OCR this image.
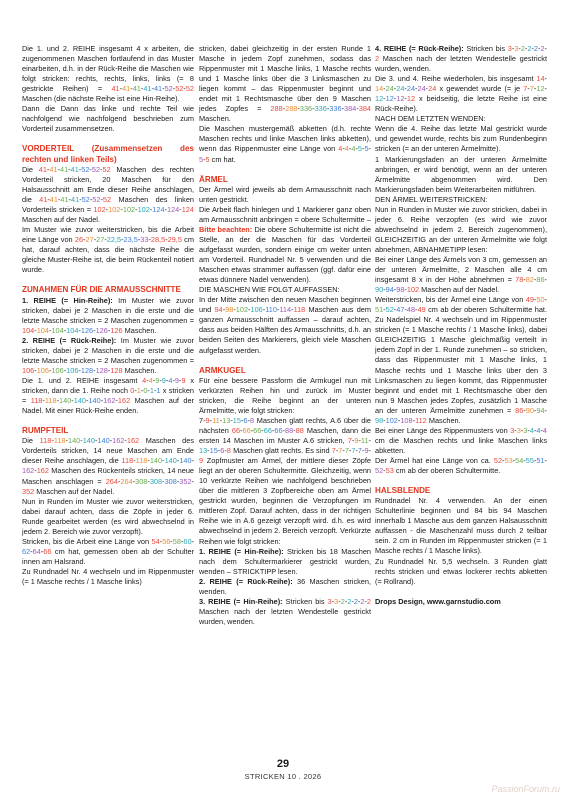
Die 1. und 2. REIHE insgesamt 4 x arbeiten, die zugenommenen Maschen fortlaufend in das Muster einarbeiten, d.h. in der Rück-Reihe die Maschen wie folgt stricken: rechts, rechts, links, links (= 8 gestrickte Reihen) = 41-41-41-41-41-52-52-52 Maschen (die nächste Reihe ist eine Hin-Reihe).

Dann die Dann das linke und rechte Teil wie nachfolgend wie nachfolgend beschrieben zum Vorderteil zusammensetzen.

VORDERTEIL (Zusammensetzen des rechten und linken Teils)

Die 41-41-41-41-52-52-52 Maschen des rechten Vorderteil stricken, 20 Maschen für den Halsausschnitt am Ende dieser Reihe anschlagen, die 41-41-41-41-52-52-52 Maschen des linken Vorderteils stricken = 102-102-102-102-124-124-124 Maschen auf der Nadel.

Im Muster wie zuvor weiterstricken, bis die Arbeit eine Länge von 26-27-27-22,5-23,5-33-28,5-29,5 cm hat, darauf achten, dass die nächste Reihe die gleiche Muster-Reihe ist, die beim Rückenteil notiert wurde.

ZUNAHMEN FÜR DIE ARMAUSSCHNITTE

1. REIHE (= Hin-Reihe): Im Muster wie zuvor stricken, dabei je 2 Maschen in die erste und die letzte Masche stricken = 2 Maschen zugenommen = 104-104-104-104-126-126-126 Maschen.

2. REIHE (= Rück-Reihe): Im Muster wie zuvor stricken, dabei je 2 Maschen in die erste und die letzte Masche stricken = 2 Maschen zugenommen = 106-106-106-106-128-128-128 Maschen.

Die 1. und 2. REIHE insgesamt 4-4-9-9-4-9-9 x stricken, dann die 1. Reihe noch 0-1-0-1-1 x stricken = 118-118-140-140-140-162-162 Maschen auf der Nadel. Mit einer Rück-Reihe enden.

RUMPFTEIL

Die 118-118-140-140-140-162-162 Maschen des Vorderteils stricken, 14 neue Maschen am Ende dieser Reihe anschlagen, die 118-118-140-140-140-162-162 Maschen des Rückenteils stricken, 14 neue Maschen anschlagen = 264-264-308-308-308-352-352 Maschen auf der Nadel.

Nun in Runden im Muster wie zuvor weiterstricken, dabei darauf achten, dass die Zöpfe in jeder 6. Runde gearbeitet werden (es wird abwechselnd in jedem 2. Bereich wie zuvor verzopft).

Stricken, bis die Arbeit eine Länge von 54-56-58-60-62-64-66 cm hat, gemessen oben ab der Schulter innen am Halsrand.

Zu Rundnadel Nr. 4 wechseln und im Rippenmuster (= 1 Masche rechts / 1 Masche links)

stricken, dabei gleichzeitig in der ersten Runde 1 Masche in jedem Zopf zunehmen, sodass das Rippenmuster mit 1 Masche links, 1 Masche rechts und 1 Masche links über die 3 Linksmaschen zu liegen kommt – das Rippenmuster beginnt und endet mit 1 Rechtsmasche über den 9 Maschen jedes Zopfes = 288-288-336-336-336-384-384 Maschen.

Die Maschen mustergemäß abketten (d.h. rechte Maschen rechts und linke Maschen links abketten), wenn das Rippenmuster eine Länge von 4-4-4-5-5-5-5 cm hat.

ÄRMEL

Der Ärmel wird jeweils ab dem Armausschnitt nach unten gestrickt.

Die Arbeit flach hinlegen und 1 Markierer ganz oben am Armausschnitt anbringen = obere Schultermitte – Bitte beachten: Die obere Schultermitte ist nicht die Stelle, an der die Maschen für das Vorderteil aufgefasst wurden, sondern einige cm weiter unten am Vorderteil. Rundnadel Nr. 5 verwenden und die Maschen etwas strammer auffassen (ggf. dafür eine etwas dünnere Nadel verwenden).

DIE MASCHEN WIE FOLGT AUFFASSEN:

In der Mitte zwischen den neuen Maschen beginnen und 94-98-102-106-110-114-118 Maschen aus dem ganzen Armausschnitt auffassen – darauf achten, dass aus beiden Hälften des Armausschnitts, d.h. an beiden Seiten des Markierers, gleich viele Maschen aufgefasst werden.

ARMKUGEL

Für eine bessere Passform die Armkugel nun mit verkürzten Reihen hin und zurück im Muster stricken, die Reihe beginnt an der unteren Ärmelmitte, wie folgt stricken:

7-9-11-13-15-6-8 Maschen glatt rechts, A.6 über die nächsten 66-66-66-66-66-88-88 Maschen, dann die ersten 14 Maschen im Muster A.6 stricken, 7-9-11-13-15-6-8 Maschen glatt rechts. Es sind 7-7-7-7-7-9-9 Zopfmuster am Ärmel, der mittlere dieser Zöpfe liegt an der oberen Schultermitte. Gleichzeitig, wenn 10 verkürzte Reihen wie nachfolgend beschrieben über die mittleren 3 Zopfbereiche oben am Ärmel gestrickt wurden, beginnen die Verzopfungen im mittleren Zopf. Darauf achten, dass in der richtigen Reihe wie in A.6 gezeigt verzopft wird. d.h. es wird abwechselnd in jedem 2. Bereich verzopft. Verkürzte Reihen wie folgt stricken:

1. REIHE (= Hin-Reihe): Stricken bis 18 Maschen nach dem Schultermarkierer gestrickt wurden, wenden – STRICKTIPP lesen.

2. REIHE (= Rück-Reihe): 36 Maschen stricken, wenden.

3. REIHE (= Hin-Reihe): Stricken bis 3-3-2-2-2-2-2 Maschen nach der letzten Wendestelle gestrickt wurden, wenden.

4. REIHE (= Rück-Reihe): Stricken bis 3-3-2-2-2-2-2 Maschen nach der letzten Wendestelle gestrickt wurden, wenden.

Die 3. und 4. Reihe wiederholen, bis insgesamt 14-14-24-24-24-24-24 x gewendet wurde (= je 7-7-12-12-12-12-12 x beidseitig, die letzte Reihe ist eine Rück-Reihe).

NACH DEM LETZTEN WENDEN:

Wenn die 4. Reihe das letzte Mal gestrickt wurde und gewendet wurde, rechts bis zum Rundenbeginn stricken (= an der unteren Ärmelmitte).

1 Markierungsfaden an der unteren Ärmelmitte anbringen, er wird benötigt, wenn an der unteren Ärmelmitte abgenommen wird. Den Markierungsfaden beim Weiterarbeiten mitführen.

DEN ÄRMEL WEITERSTRICKEN:

Nun in Runden in Muster wie zuvor stricken, dabei in jeder 6. Reihe verzopfen (es wird wie zuvor abwechselnd in jedem 2. Bereich zugenommen), GLEICHZEITIG an der unteren Ärmelmitte wie folgt abnehmen, ABNAHMETIPP lesen:

Bei einer Länge des Ärmels von 3 cm, gemessen an der unteren Ärmelmitte, 2 Maschen alle 4 cm insgesamt 8 x in der Höhe abnehmen = 78-82-86-90-94-98-102 Maschen auf der Nadel.

Weiterstricken, bis der Ärmel eine Länge von 49-50-51-52-47-48-49 cm ab der oberen Schultermitte hat. Zu Nadelspiel Nr. 4 wechseln und im Rippenmuster stricken (= 1 Masche rechts / 1 Masche links), dabei GLEICHZEITIG 1 Masche gleichmäßig verteilt in jedem Zopf in der 1. Runde zunehmen – so stricken, dass das Rippenmuster mit 1 Masche links, 1 Masche rechts und 1 Masche links über den 3 Linksmaschen zu liegen kommt, das Rippenmuster beginnt und endet mit 1 Rechtsmasche über den nun 9 Maschen jedes Zopfes, zusätzlich 1 Masche an der unteren Ärmelmitte zunehmen = 86-90-94-98-102-108-112 Maschen.

Bei einer Länge des Rippenmusters von 3-3-3-4-4-4 cm die Maschen rechts und linke Maschen links abketten.

Der Ärmel hat eine Länge von ca. 52-53-54-55-51-52-53 cm ab der oberen Schultermitte.

HALSBLENDE

Rundnadel Nr. 4 verwenden. An der einen Schulterlinie beginnen und 84 bis 94 Maschen innerhalb 1 Masche aus dem ganzen Halsausschnitt auffassen - die Maschenzahl muss durch 2 teilbar sein. 2 cm in Runden im Rippenmuster stricken (= 1 Masche rechts / 1 Masche links).

Zu Rundnadel Nr. 5,5 wechseln. 3 Runden glatt rechts stricken und etwas lockerer rechts abketten (= Rollrand).

Drops Design, www.garnstudio.com

29
STRICKEN 10 . 2026
PassionForum.ru
